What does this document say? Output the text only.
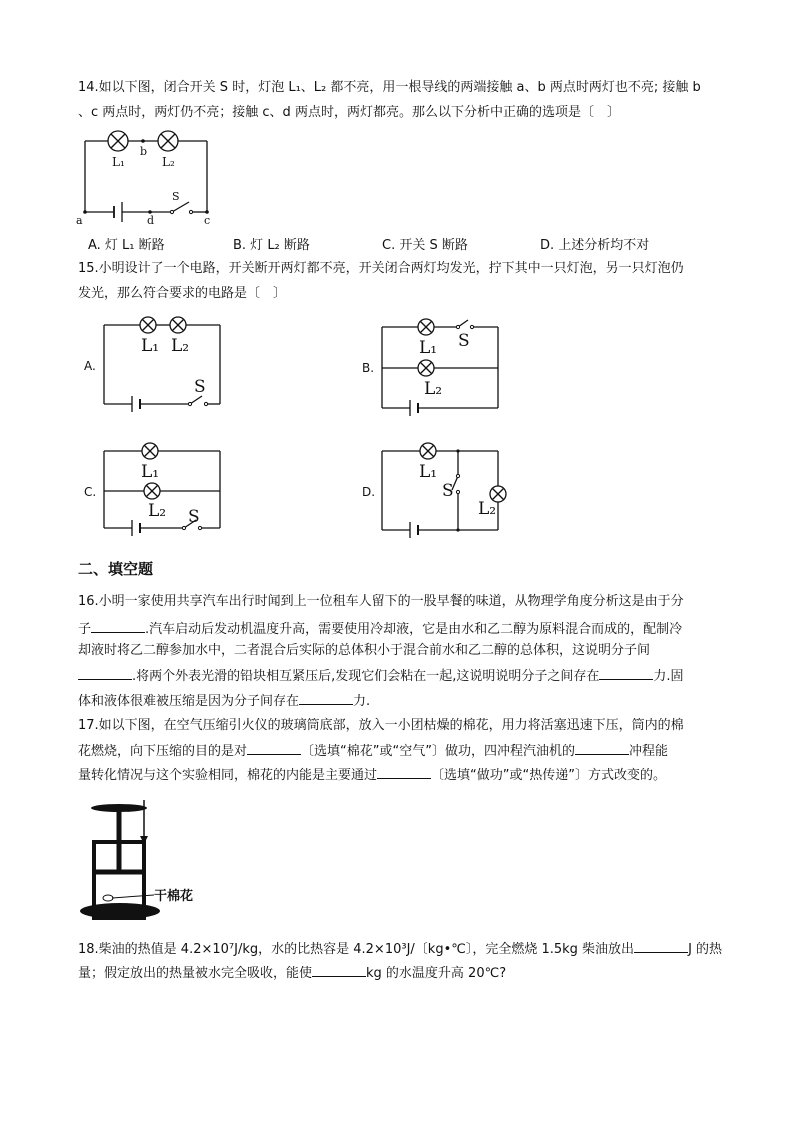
14.如以下图，闭合开关 S 时，灯泡 L₁、L₂ 都不亮，用一根导线的两端接触 a、b 两点时两灯也不亮; 接触 b
、c 两点时，两灯仍不亮；接触 c、d 两点时，两灯都亮。那么以下分析中正确的选项是〔　〕
L₁
b
L₂
S
a	d	c
A. 灯 L₁ 断路	B. 灯 L₂ 断路	C. 开关 S 断路	D. 上述分析均不对
15.小明设计了一个电路，开关断开两灯都不亮，开关闭合两灯均发光，拧下其中一只灯泡，另一只灯泡仍
发光，那么符合要求的电路是〔　〕
A.
L₁ L₂
S
B.
L₁ S
L₂
C.
L₁
L₂ S
D.
L₁
S
L₂
二、填空题
16.小明一家使用共享汽车出行时闻到上一位租车人留下的一股早餐的味道，从物理学角度分析这是由于分
子	.汽车启动后发动机温度升高，需要使用冷却液，它是由水和乙二醇为原料混合而成的，配制冷
却液时将乙二醇参加水中，二者混合后实际的总体积小于混合前水和乙二醇的总体积，这说明分子间
.将两个外表光滑的铅块相互紧压后,发现它们会粘在一起,这说明说明分子之间存在	力.固
体和液体很难被压缩是因为分子间存在	力.
17.如以下图，在空气压缩引火仪的玻璃筒底部，放入一小团枯燥的棉花，用力将活塞迅速下压，筒内的棉
花燃烧，向下压缩的目的是对	〔选填“棉花”或“空气”〕做功，四冲程汽油机的	冲程能
量转化情况与这个实验相同，棉花的内能是主要通过	〔选填“做功”或“热传递”〕方式改变的。
干棉花
18.柴油的热值是 4.2×10⁷J/kg，水的比热容是 4.2×10³J/〔kg•℃〕，完全燃烧 1.5kg 柴油放出	J 的热
量；假定放出的热量被水完全吸收，能使	kg 的水温度升高 20℃?
